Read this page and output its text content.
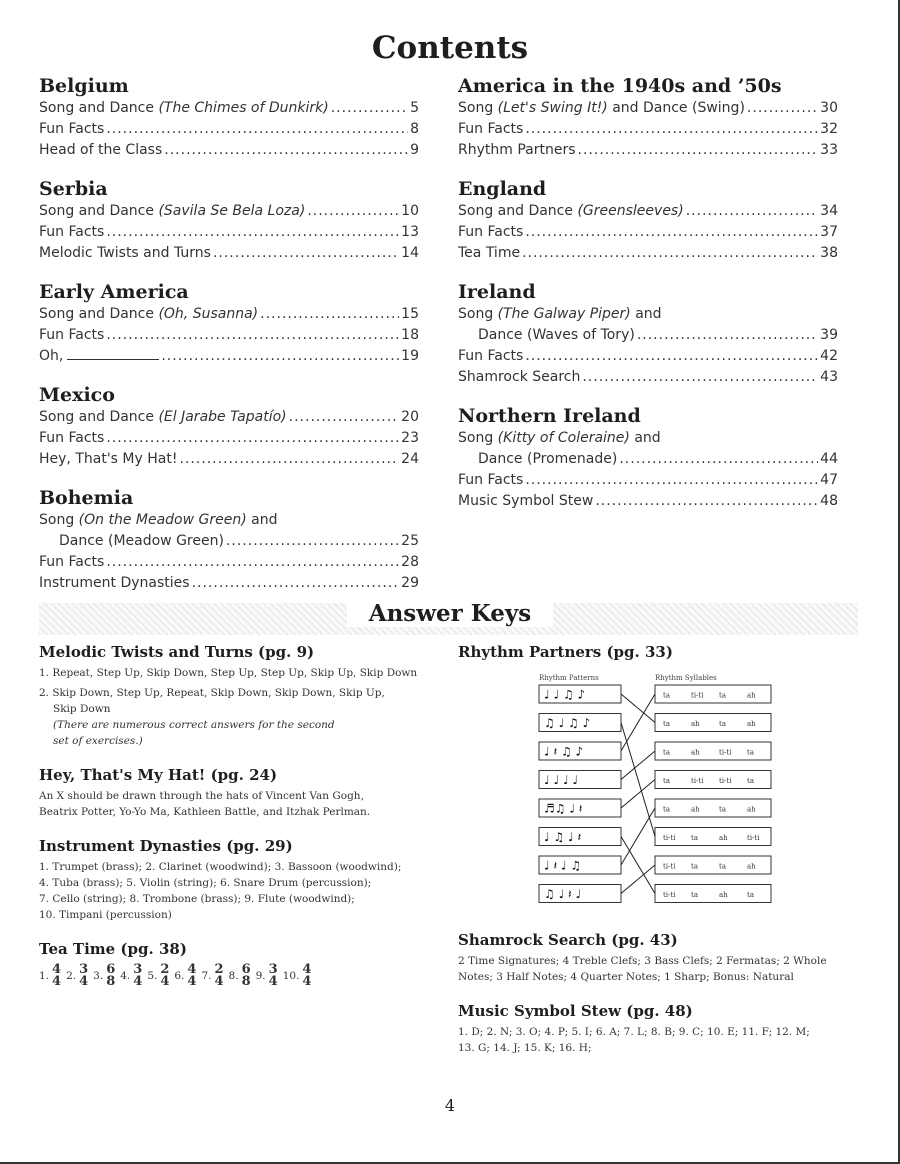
Contents
Belgium
Song and Dance (The Chimes of Dunkirk) .....	5
Fun Facts .....	8
Head of the Class .....	9
Serbia
Song and Dance (Savila Se Bela Loza) .....	10
Fun Facts .....	13
Melodic Twists and Turns .....	14
Early America
Song and Dance (Oh, Susanna) .....	15
Fun Facts .....	18
Oh, .....	19
Mexico
Song and Dance (El Jarabe Tapatío) .....	20
Fun Facts .....	23
Hey, That's My Hat! .....	24
Bohemia
Song (On the Meadow Green) and
Dance (Meadow Green) .....	25
Fun Facts .....	28
Instrument Dynasties .....	29
America in the 1940s and ’50s
Song (Let's Swing It!) and Dance (Swing) .....	30
Fun Facts .....	32
Rhythm Partners .....	33
England
Song and Dance (Greensleeves) .....	34
Fun Facts .....	37
Tea Time .....	38
Ireland
Song (The Galway Piper) and
Dance (Waves of Tory) .....	39
Fun Facts .....	42
Shamrock Search .....	43
Northern Ireland
Song (Kitty of Coleraine) and
Dance (Promenade) .....	44
Fun Facts .....	47
Music Symbol Stew .....	48
Answer Keys
Melodic Twists and Turns (pg. 9)
1. Repeat, Step Up, Skip Down, Step Up, Step Up, Skip Up, Skip Down
2. Skip Down, Step Up, Repeat, Skip Down, Skip Down, Skip Up,
Skip Down
(There are numerous correct answers for the second
set of exercises.)
Hey, That's My Hat! (pg. 24)
An X should be drawn through the hats of Vincent Van Gogh,
Beatrix Potter, Yo-Yo Ma, Kathleen Battle, and Itzhak Perlman.
Instrument Dynasties (pg. 29)
1. Trumpet (brass); 2. Clarinet (woodwind); 3. Bassoon (woodwind);
4. Tuba (brass); 5. Violin (string); 6. Snare Drum (percussion);
7. Cello (string); 8. Trombone (brass); 9. Flute (woodwind);
10. Timpani (percussion)
Tea Time (pg. 38)
1. 4
4 2. 3
4 3. 6
8 4. 3
4 5. 2
4 6. 4
4 7. 2
4 8. 6
8 9. 3
4 10. 4
4
Rhythm Partners (pg. 33)
Rhythm Patterns	Rhythm Syllables
♩ ♩ ♫ ♪
♫ ♩ ♫ ♪
♩ 𝄽 ♫ ♪
♩ ♩ ♩ ♩
♬♫ ♩ 𝄽
♩ ♫ ♩ 𝄽
♩ 𝄽 ♩ ♫
♫ ♩ 𝄽 ♩
ta	ti-ti ta	ah
ta	ah	ta	ah
ta	ah	ti-ti ta
ta	ti-ti ti-ti ta
ta	ah	ta	ah
ti-ti ta	ah	ti-ti
ti-ti ta	ta	ah
ti-ti ta	ah	ta
Shamrock Search (pg. 43)
2 Time Signatures; 4 Treble Clefs; 3 Bass Clefs; 2 Fermatas; 2 Whole
Notes; 3 Half Notes; 4 Quarter Notes; 1 Sharp; Bonus: Natural
Music Symbol Stew (pg. 48)
1. D; 2. N; 3. O; 4. P; 5. I; 6. A; 7. L; 8. B; 9. C; 10. E; 11. F; 12. M;
13. G; 14. J; 15. K; 16. H;
4
